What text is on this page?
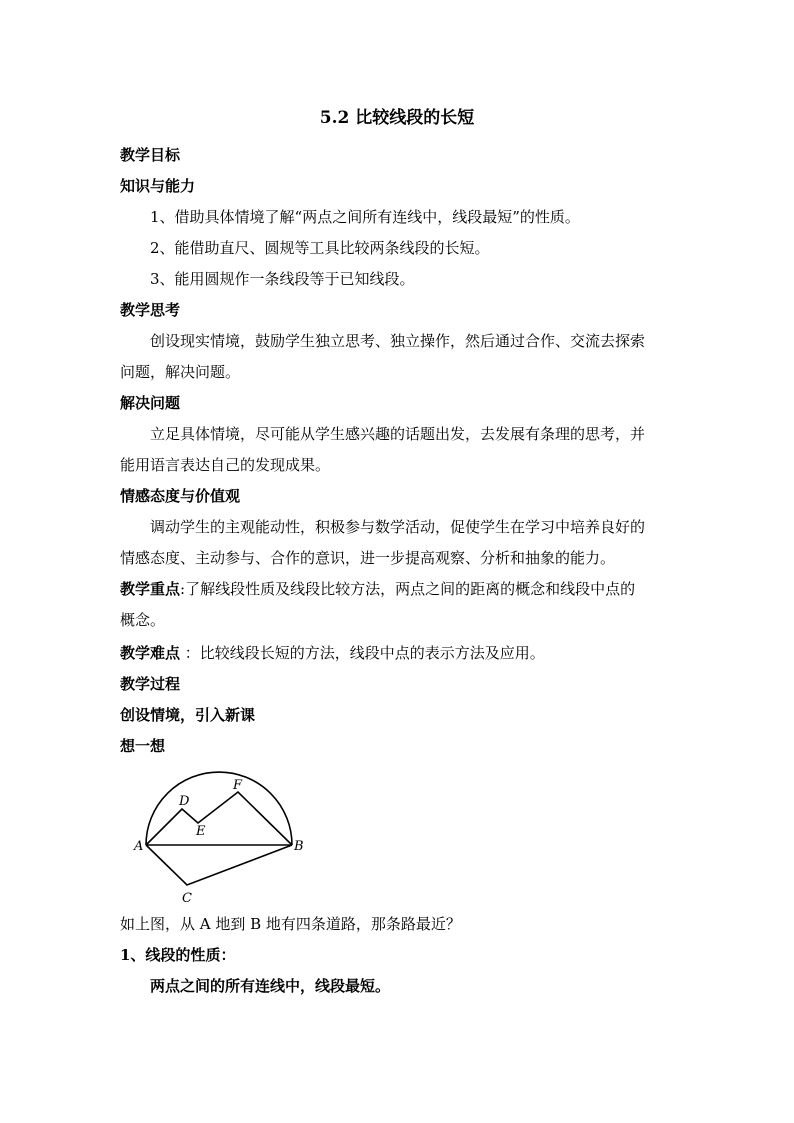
5.2 比较线段的长短
教学目标
知识与能力
1、借助具体情境了解“两点之间所有连线中，线段最短”的性质。
2、能借助直尺、圆规等工具比较两条线段的长短。
3、能用圆规作一条线段等于已知线段。
教学思考
创设现实情境，鼓励学生独立思考、独立操作，然后通过合作、交流去探索
问题，解决问题。
解决问题
立足具体情境，尽可能从学生感兴趣的话题出发，去发展有条理的思考，并
能用语言表达自己的发现成果。
情感态度与价值观
调动学生的主观能动性，积极参与数学活动，促使学生在学习中培养良好的
情感态度、主动参与、合作的意识，进一步提高观察、分析和抽象的能力。
教学重点:了解线段性质及线段比较方法，两点之间的距离的概念和线段中点的
概念。
教学难点 ：比较线段长短的方法，线段中点的表示方法及应用。
教学过程
创设情境，引入新课
想一想
A	B
C
D
E
F
如上图，从 A 地到 B 地有四条道路，那条路最近？
1、线段的性质：
两点之间的所有连线中，线段最短。
